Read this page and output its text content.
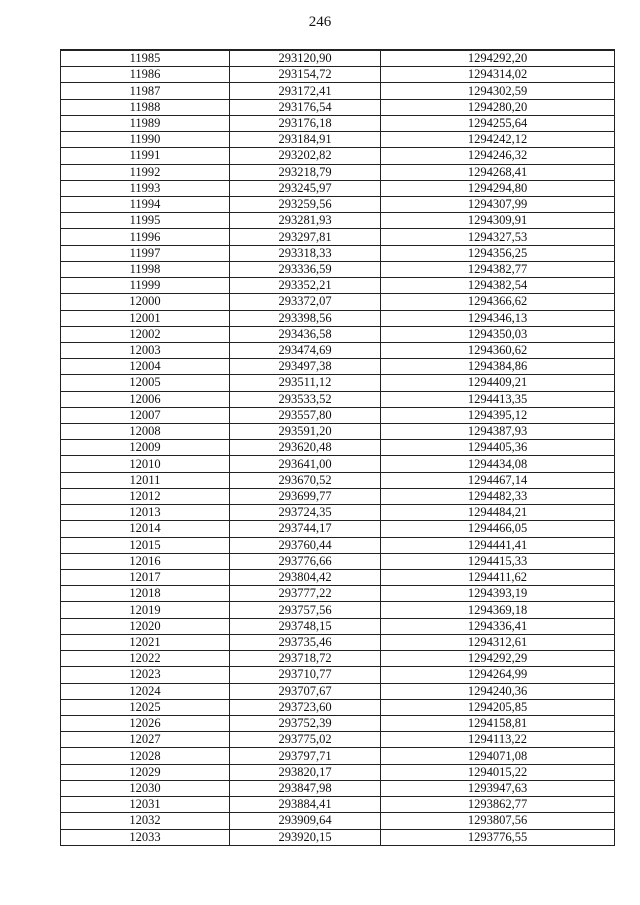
246
11985	293120,90	1294292,20
11986	293154,72	1294314,02
11987	293172,41	1294302,59
11988	293176,54	1294280,20
11989	293176,18	1294255,64
11990	293184,91	1294242,12
11991	293202,82	1294246,32
11992	293218,79	1294268,41
11993	293245,97	1294294,80
11994	293259,56	1294307,99
11995	293281,93	1294309,91
11996	293297,81	1294327,53
11997	293318,33	1294356,25
11998	293336,59	1294382,77
11999	293352,21	1294382,54
12000	293372,07	1294366,62
12001	293398,56	1294346,13
12002	293436,58	1294350,03
12003	293474,69	1294360,62
12004	293497,38	1294384,86
12005	293511,12	1294409,21
12006	293533,52	1294413,35
12007	293557,80	1294395,12
12008	293591,20	1294387,93
12009	293620,48	1294405,36
12010	293641,00	1294434,08
12011	293670,52	1294467,14
12012	293699,77	1294482,33
12013	293724,35	1294484,21
12014	293744,17	1294466,05
12015	293760,44	1294441,41
12016	293776,66	1294415,33
12017	293804,42	1294411,62
12018	293777,22	1294393,19
12019	293757,56	1294369,18
12020	293748,15	1294336,41
12021	293735,46	1294312,61
12022	293718,72	1294292,29
12023	293710,77	1294264,99
12024	293707,67	1294240,36
12025	293723,60	1294205,85
12026	293752,39	1294158,81
12027	293775,02	1294113,22
12028	293797,71	1294071,08
12029	293820,17	1294015,22
12030	293847,98	1293947,63
12031	293884,41	1293862,77
12032	293909,64	1293807,56
12033	293920,15	1293776,55
